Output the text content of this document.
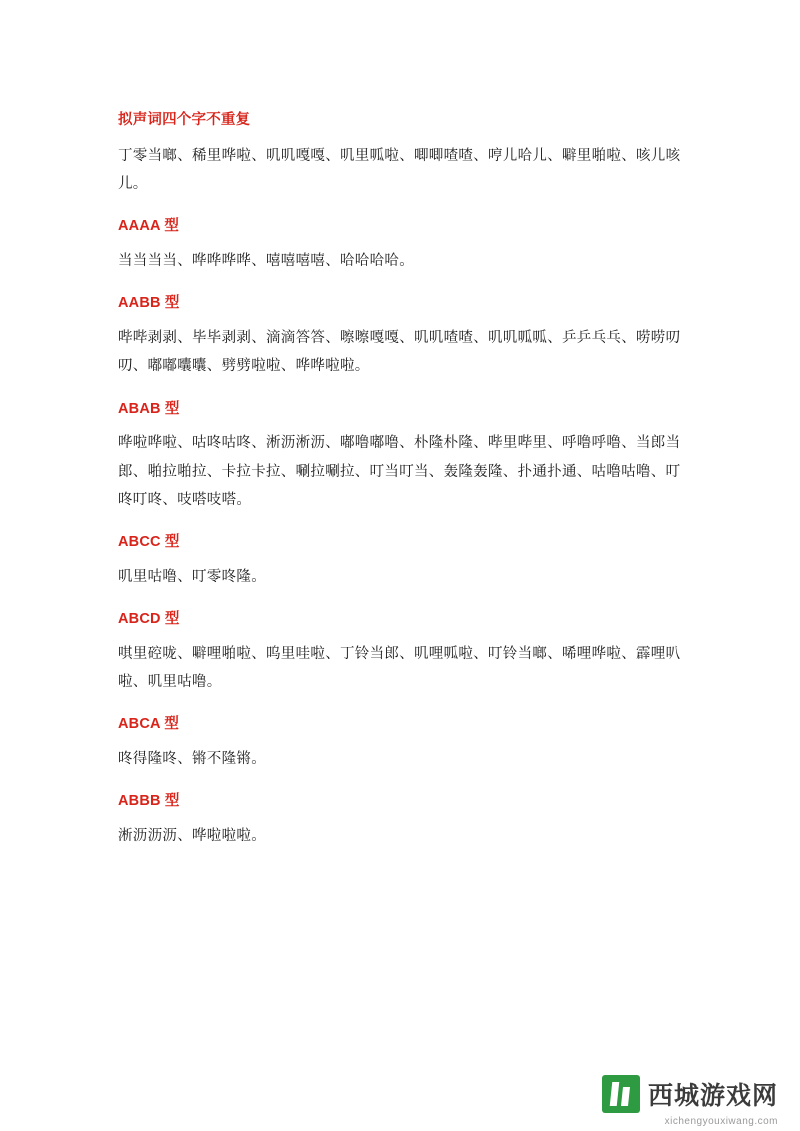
拟声词四个字不重复

丁零当啷、稀里哗啦、叽叽嘎嘎、叽里呱啦、唧唧喳喳、哼儿哈儿、噼里啪啦、咳儿咳儿。

AAAA 型

当当当当、哗哗哗哗、嘻嘻嘻嘻、哈哈哈哈。

AABB 型

哔哔剥剥、毕毕剥剥、滴滴答答、嚓嚓嘎嘎、叽叽喳喳、叽叽呱呱、乒乒乓乓、唠唠叨叨、嘟嘟囔囔、劈劈啦啦、哗哗啦啦。

ABAB 型

哗啦哗啦、咕咚咕咚、淅沥淅沥、嘟噜嘟噜、朴隆朴隆、哔里哔里、呼噜呼噜、当郎当郎、啪拉啪拉、卡拉卡拉、唰拉唰拉、叮当叮当、轰隆轰隆、扑通扑通、咕噜咕噜、叮咚叮咚、吱嗒吱嗒。

ABCC 型

叽里咕噜、叮零咚隆。

ABCD 型

唭里硿咙、噼哩啪啦、呜里哇啦、丁铃当郎、叽哩呱啦、叮铃当啷、唏哩哗啦、霹哩叭啦、叽里咕噜。

ABCA 型

咚得隆咚、锵不隆锵。

ABBB 型

淅沥沥沥、哗啦啦啦。

西城游戏网
xichengyouxiwang.com
